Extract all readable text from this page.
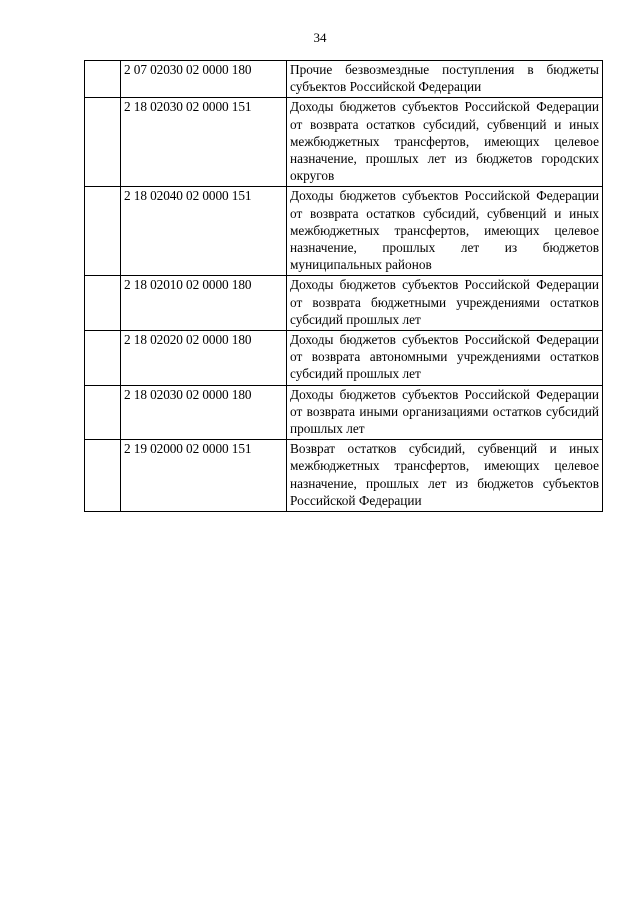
34
	2 07 02030 02 0000 180	Прочие безвозмездные поступления в бюджеты субъектов Российской Федерации
	2 18 02030 02 0000 151	Доходы бюджетов субъектов Российской Федерации от возврата остатков субсидий, субвенций и иных межбюджетных трансфертов, имеющих целевое назначение, прошлых лет из бюджетов городских округов
	2 18 02040 02 0000 151	Доходы бюджетов субъектов Российской Федерации от возврата остатков субсидий, субвенций и иных межбюджетных трансфертов, имеющих целевое назначение, прошлых лет из бюджетов муниципальных районов
	2 18 02010 02 0000 180	Доходы бюджетов субъектов Российской Федерации от возврата бюджетными учреждениями остатков субсидий прошлых лет
	2 18 02020 02 0000 180	Доходы бюджетов субъектов Российской Федерации от возврата автономными учреждениями остатков субсидий прошлых лет
	2 18 02030 02 0000 180	Доходы бюджетов субъектов Российской Федерации от возврата иными организациями остатков субсидий прошлых лет
	2 19 02000 02 0000 151	Возврат остатков субсидий, субвенций и иных межбюджетных трансфертов, имеющих целевое назначение, прошлых лет из бюджетов субъектов Российской Федерации
